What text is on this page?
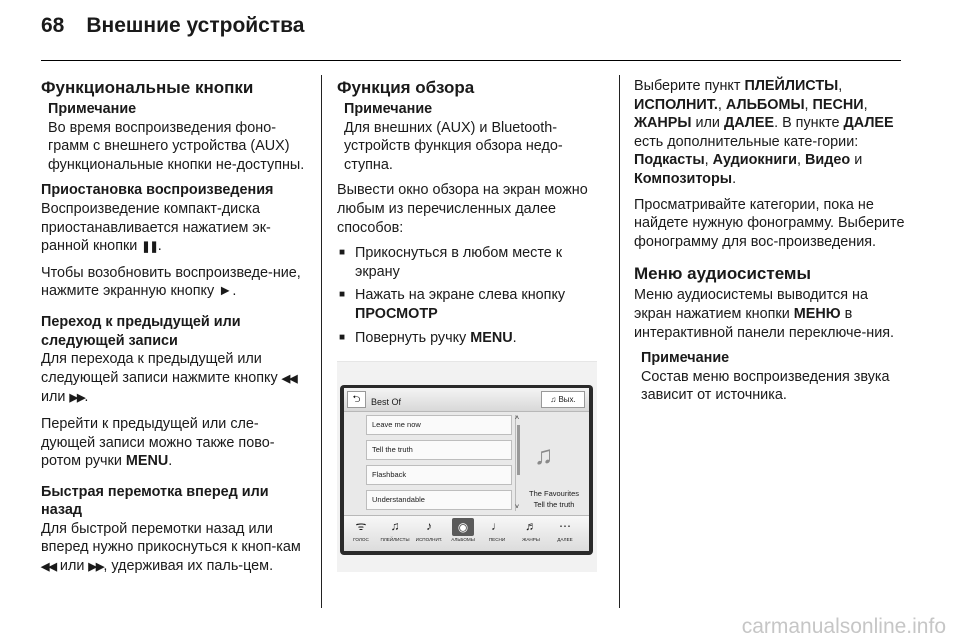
68 Внешние устройства
Функциональные кнопки
Примечание
Во время воспроизведения фоно-грамм с внешнего устройства (AUX) функциональные кнопки не-доступны.
Приостановка воспроизведения

Воспроизведение компакт-диска приостанавливается нажатием эк-ранной кнопки ❚❚.

Чтобы возобновить воспроизведе-ние, нажмите экранную кнопку ►.

Переход к предыдущей или следующей записи

Для перехода к предыдущей или следующей записи нажмите кнопку ◀◀ или ▶▶.

Перейти к предыдущей или сле-дующей записи можно также пово-ротом ручки MENU.

Быстрая перемотка вперед или назад

Для быстрой перемотки назад или вперед нужно прикоснуться к кноп-кам ◀◀ или ▶▶, удерживая их паль-цем.

Функция обзора
Примечание
Для внешних (AUX) и Bluetooth-устройств функция обзора недо-ступна.

Вывести окно обзора на экран можно любым из перечисленных далее способов:

■ Прикоснуться в любом месте к экрану
■ Нажать на экране слева кнопку ПРОСМОТР
■ Повернуть ручку MENU.
⮌	Best Of	♫ Вых.
Leave me now
Tell the truth
Flashback
Understandable
˄
˅
♫
The Favourites
Tell the truth
ᯤ
ГОЛОС
♫
ПЛЕЙЛИСТЫ
♪
ИСПОЛНИТ.
◉
АЛЬБОМЫ
♩
ПЕСНИ
♬
ЖАНРЫ
⋯
ДАЛЕЕ

Выберите пункт ПЛЕЙЛИСТЫ, ИСПОЛНИТ., АЛЬБОМЫ, ПЕСНИ, ЖАНРЫ или ДАЛЕЕ. В пункте ДАЛЕЕ есть дополнительные кате-гории: Подкасты, Аудиокниги, Видео и Композиторы.

Просматривайте категории, пока не найдете нужную фонограмму. Выберите фонограмму для вос-произведения.

Меню аудиосистемы

Меню аудиосистемы выводится на экран нажатием кнопки МЕНЮ в интерактивной панели переключе-ния.

Примечание
Состав меню воспроизведения звука зависит от источника.
carmanualsonline.info
